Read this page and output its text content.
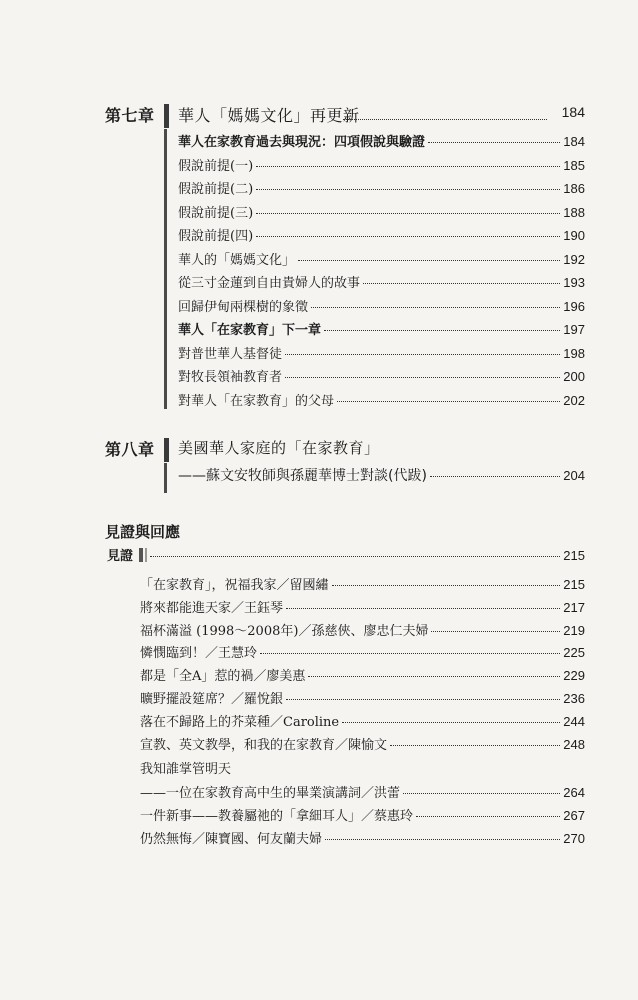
第七章 華人「媽媽文化」再更新	184
華人在家教育過去與現況：四項假說與驗證	184
假說前提(一)	185
假說前提(二)	186
假說前提(三)	188
假說前提(四)	190
華人的「媽媽文化」	192
從三寸金蓮到自由貴婦人的故事	193
回歸伊甸兩棵樹的象徵	196
華人「在家教育」下一章	197
對普世華人基督徒	198
對牧長領袖教育者	200
對華人「在家教育」的父母	202
第八章 美國華人家庭的「在家教育」
——蘇文安牧師與孫麗華博士對談(代跋)	204
見證與回應
見證	215
「在家教育」，祝福我家／留國繡	215
將來都能進天家／王鈺琴	217
福杯滿溢 (1998～2008年)／孫慈俠、廖忠仁夫婦	219
憐憫臨到！／王慧玲	225
都是「全A」惹的禍／廖美惠	229
曠野擺設筵席？／羅悅銀	236
落在不歸路上的芥菜種／Caroline	244
宣教、英文教學，和我的在家教育／陳愉文	248
我知誰掌管明天
——一位在家教育高中生的畢業演講詞／洪蕾	264
一件新事——教養屬祂的「拿細耳人」／蔡惠玲	267
仍然無悔／陳寶國、何友蘭夫婦	270
